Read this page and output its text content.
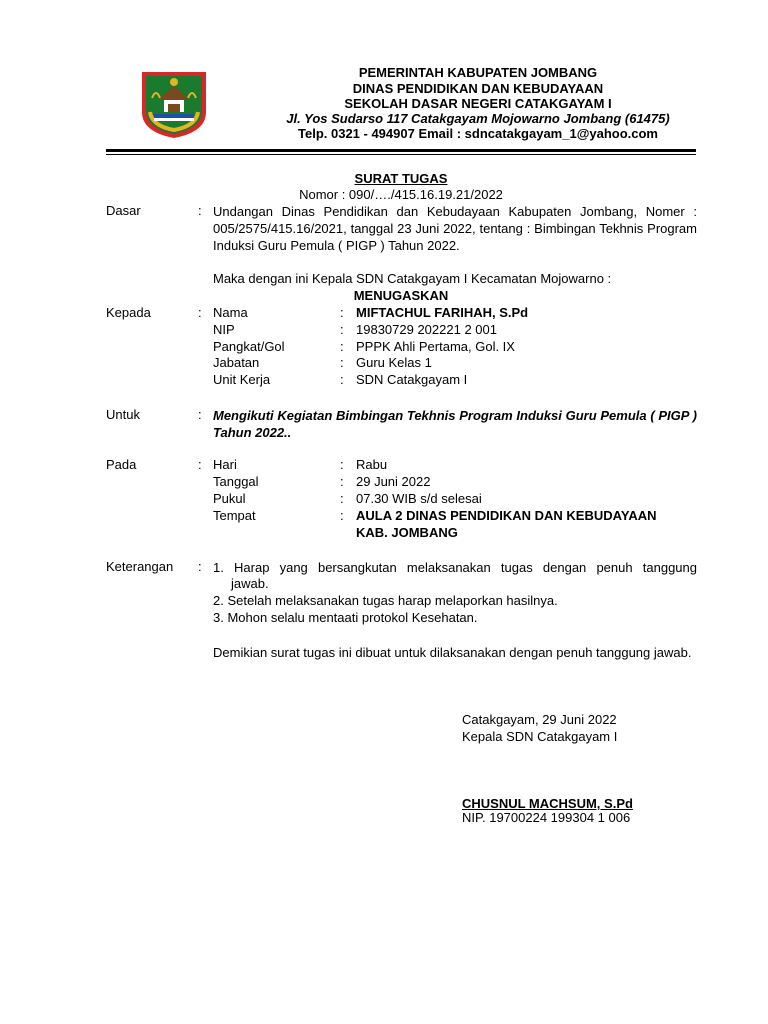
PEMERINTAH KABUPATEN JOMBANG
DINAS PENDIDIKAN DAN KEBUDAYAAN
SEKOLAH DASAR NEGERI CATAKGAYAM I
Jl. Yos Sudarso 117 Catakgayam Mojowarno Jombang (61475)
Telp. 0321 - 494907 Email : sdncatakgayam_1@yahoo.com
SURAT TUGAS
Nomor : 090/…./415.16.19.21/2022
Dasar	: Undangan Dinas Pendidikan dan Kebudayaan Kabupaten Jombang, Nomer : 005/2575/415.16/2021, tanggal 23 Juni 2022, tentang : Bimbingan Tekhnis Program Induksi Guru Pemula ( PIGP ) Tahun 2022.
Maka dengan ini Kepala SDN Catakgayam I Kecamatan Mojowarno :
MENUGASKAN
Kepada	: Nama	: MIFTACHUL FARIHAH, S.Pd
NIP	: 19830729 202221 2 001
Pangkat/Gol	: PPPK Ahli Pertama, Gol. IX
Jabatan	: Guru Kelas 1
Unit Kerja	: SDN Catakgayam I
Untuk	: Mengikuti Kegiatan Bimbingan Tekhnis Program Induksi Guru Pemula ( PIGP ) Tahun 2022..
Pada	: Hari	: Rabu
Tanggal	: 29 Juni 2022
Pukul	: 07.30 WIB s/d selesai
Tempat	: AULA 2 DINAS PENDIDIKAN DAN KEBUDAYAAN
KAB. JOMBANG
Keterangan : 1. Harap yang bersangkutan melaksanakan tugas dengan penuh tanggung
jawab.
2. Setelah melaksanakan tugas harap melaporkan hasilnya.
3. Mohon selalu mentaati protokol Kesehatan.
Demikian surat tugas ini dibuat untuk dilaksanakan dengan penuh tanggung jawab.
Catakgayam, 29 Juni 2022
Kepala SDN Catakgayam I
CHUSNUL MACHSUM, S.Pd
NIP. 19700224 199304 1 006
